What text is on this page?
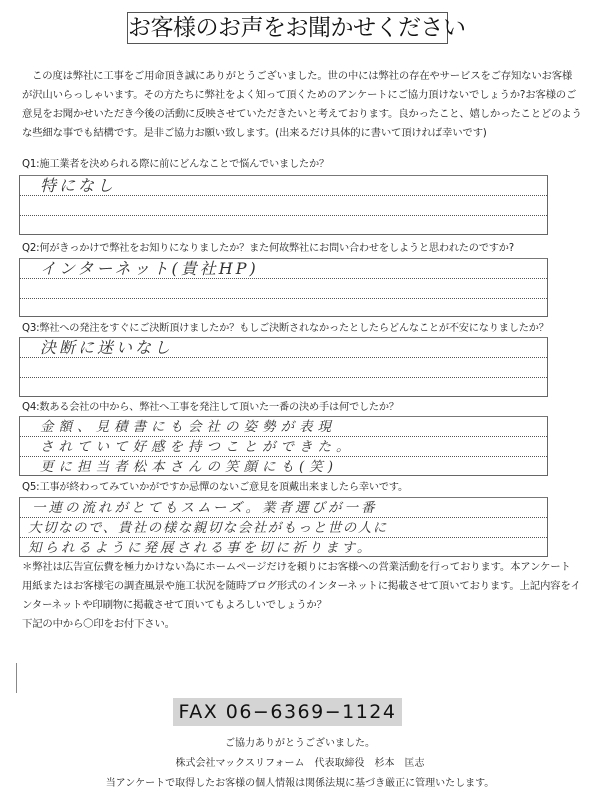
お客様のお声をお聞かせください

この度は弊社に工事をご用命頂き誠にありがとうございました。世の中には弊社の存在やサービスをご存知ないお客様が沢山いらっしゃいます。その方たちに弊社をよく知って頂くためのアンケートにご協力頂けないでしょうか?お客様のご意見をお聞かせいただき今後の活動に反映させていただきたいと考えております。良かったこと、嬉しかったことどのような些細な事でも結構です。是非ご協力お願い致します。(出来るだけ具体的に書いて頂ければ幸いです)

Q1:施工業者を決められる際に前にどんなことで悩んでいましたか？
特になし
Q2:何がきっかけで弊社をお知りになりましたか？また何故弊社にお問い合わせをしようと思われたのですか?
インターネット(貴社HP)
Q3:弊社への発注をすぐにご決断頂けましたか？もしご決断されなかったとしたらどんなことが不安になりましたか？
決断に迷いなし
Q4:数ある会社の中から、弊社へ工事を発注して頂いた一番の決め手は何でしたか？
金額、見積書にも会社の姿勢が表現
されていて好感を持つことができた。
更に担当者松本さんの笑顔にも(笑)
Q5:工事が終わってみていかがですか忌憚のないご意見を頂戴出来ましたら幸いです。
一連の流れがとてもスムーズ。業者選びが一番
大切なので、貴社の様な親切な会社がもっと世の人に
知られるように発展される事を切に祈ります。

＊弊社は広告宣伝費を極力かけない為にホームページだけを頼りにお客様への営業活動を行っております。本アンケート

用紙またはお客様宅の調査風景や施工状況を随時ブログ形式のインターネットに掲載させて頂いております。上記内容をイ

ンターネットや印刷物に掲載させて頂いてもよろしいでしょうか？

下記の中から〇印をお付下さい。

FAX 06−6369−1124
ご協力ありがとうございました。
株式会社マックスリフォーム　代表取締役　杉本　匡志
当アンケートで取得したお客様の個人情報は関係法規に基づき厳正に管理いたします。
